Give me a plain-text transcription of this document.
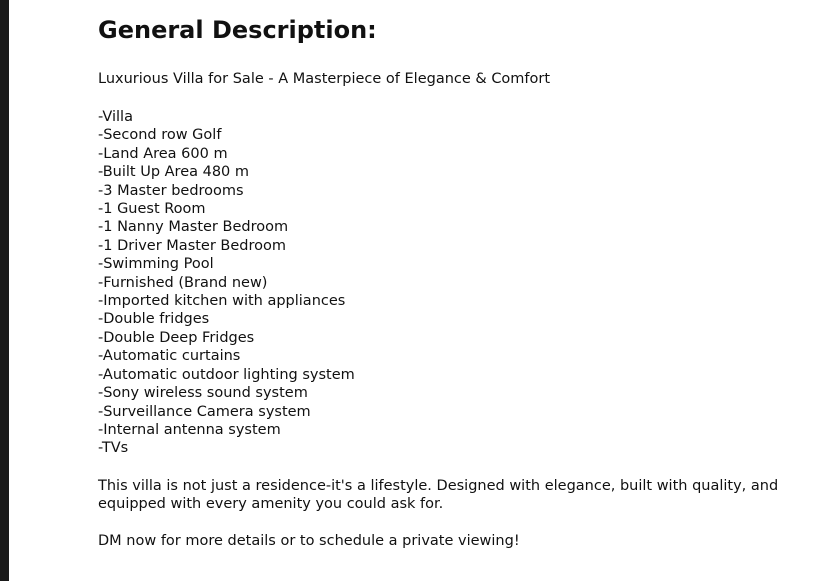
General Description:
Luxurious Villa for Sale - A Masterpiece of Elegance & Comfort
-Villa
-Second row Golf
-Land Area 600 m
-Built Up Area 480 m
-3 Master bedrooms
-1 Guest Room
-1 Nanny Master Bedroom
-1 Driver Master Bedroom
-Swimming Pool
-Furnished (Brand new)
-Imported kitchen with appliances
-Double fridges
-Double Deep Fridges
-Automatic curtains
-Automatic outdoor lighting system
-Sony wireless sound system
-Surveillance Camera system
-Internal antenna system
-TVs
This villa is not just a residence-it's a lifestyle. Designed with elegance, built with quality, and equipped with every amenity you could ask for.
DM now for more details or to schedule a private viewing!
